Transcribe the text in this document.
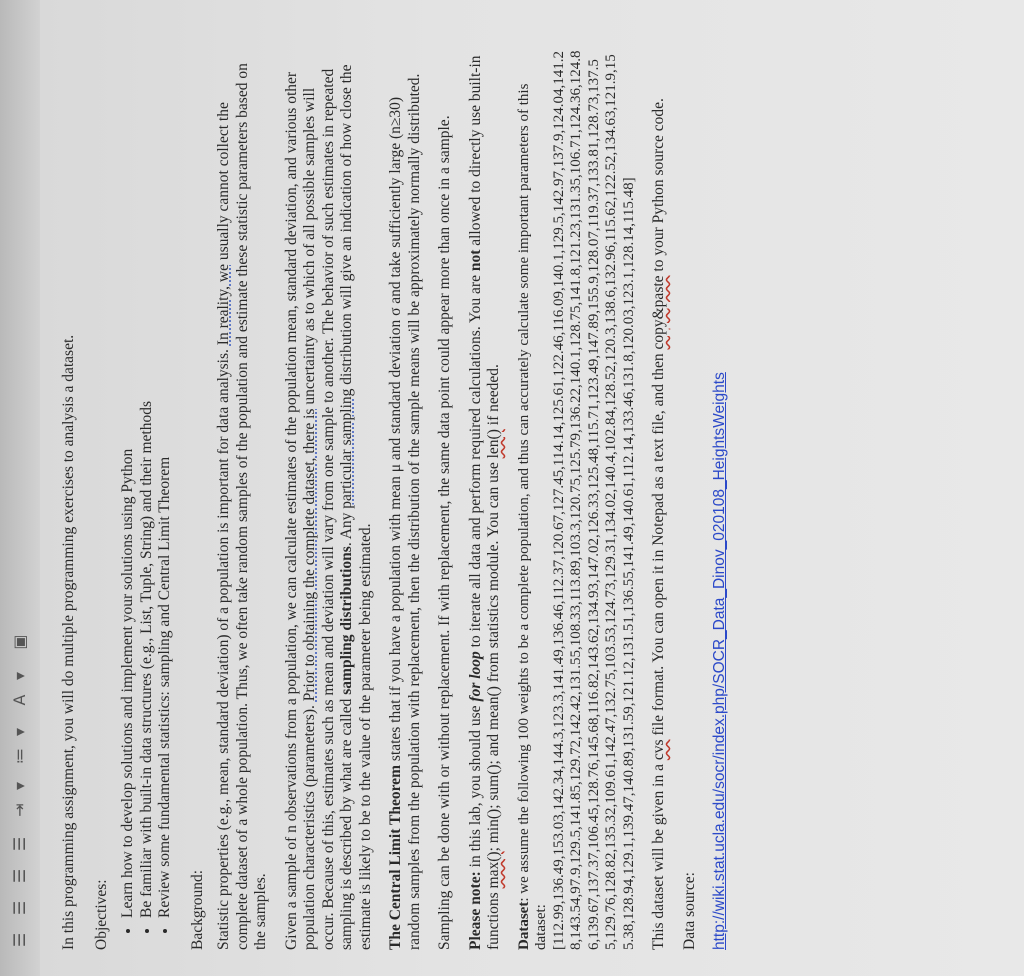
☰
☰
☰
☰
⇥
▾
≔
▾
A
▾
▣ In this programming assignment, you will do multiple programming exercises to analysis a dataset. Objectives: • Learn how to develop solutions and implement your solutions using Python • Be familiar with built-in data structures (e.g., List, Tuple, String) and their methods • Review some fundamental statistics: sampling and Central Limit Theorem Background: Statistic properties (e.g., mean, standard deviation) of a population is important for data analysis. In reality, we usually cannot collect the complete dataset of a whole population. Thus, we often take random samples of the population and estimate these statistic parameters based on the samples. Given a sample of n observations from a population, we can calculate estimates of the population mean, standard deviation, and various other population characteristics (parameters). Prior to obtaining the complete dataset, there is uncertainty as to which of all possible samples will occur. Because of this, estimates such as mean and deviation will vary from one sample to another. The behavior of such estimates in repeated sampling is described by what are called sampling distributions. Any particular sampling distribution will give an indication of how close the estimate is likely to be to the value of the parameter being estimated. The Central Limit Theorem states that if you have a population with mean μ and standard deviation σ and take sufficiently large (n≥30) random samples from the population with replacement, then the distribution of the sample means will be approximately normally distributed. Sampling can be done with or without replacement. If with replacement, the same data point could appear more than once in a sample. Please note: in this lab, you should use for loop to iterate all data and perform required calculations. You are not allowed to directly use built-in functions max(); min(); sum(); and mean() from statistics module. You can use len() if needed.

Dataset: we assume the following 100 weights to be a complete population, and thus can accurately calculate some important parameters of this dataset: [112.99,136.49,153.03,142.34,144.3,123.3,141.49,136.46,112.37,120.67,127.45,114.14,125.61,122.46,116.09,140.1,129.5,142.97,137.9,124.04,141.28,143.54,97.9,129.5,141.85,129.72,142.42,131.55,108.33,113.89,103.3,120.75,125.79,136.22,140.1,128.75,141.8,121.23,131.35,106.71,124.36,124.86,139.67,137.37,106.45,128.76,145.68,116.82,143.62,134.93,147.02,126.33,125.48,115.71,123.49,147.89,155.9,128.07,119.37,133.81,128.73,137.55,129.76,128.82,135.32,109.61,142.47,132.75,103.53,124.73,129.31,134.02,140.4,102.84,128.52,120.3,138.6,132.96,115.62,122.52,134.63,121.9,155.38,128.94,129.1,139.47,140.89,131.59,121.12,131.51,136.55,141.49,140.61,112.14,133.46,131.8,120.03,123.1,128.14,115.48] This dataset will be given in a cvs file format. You can open it in Notepad as a text file, and then copy&paste to your Python source code.

Data source: http://wiki.stat.ucla.edu/socr/index.php/SOCR_Data_Dinov_020108_HeightsWeights
